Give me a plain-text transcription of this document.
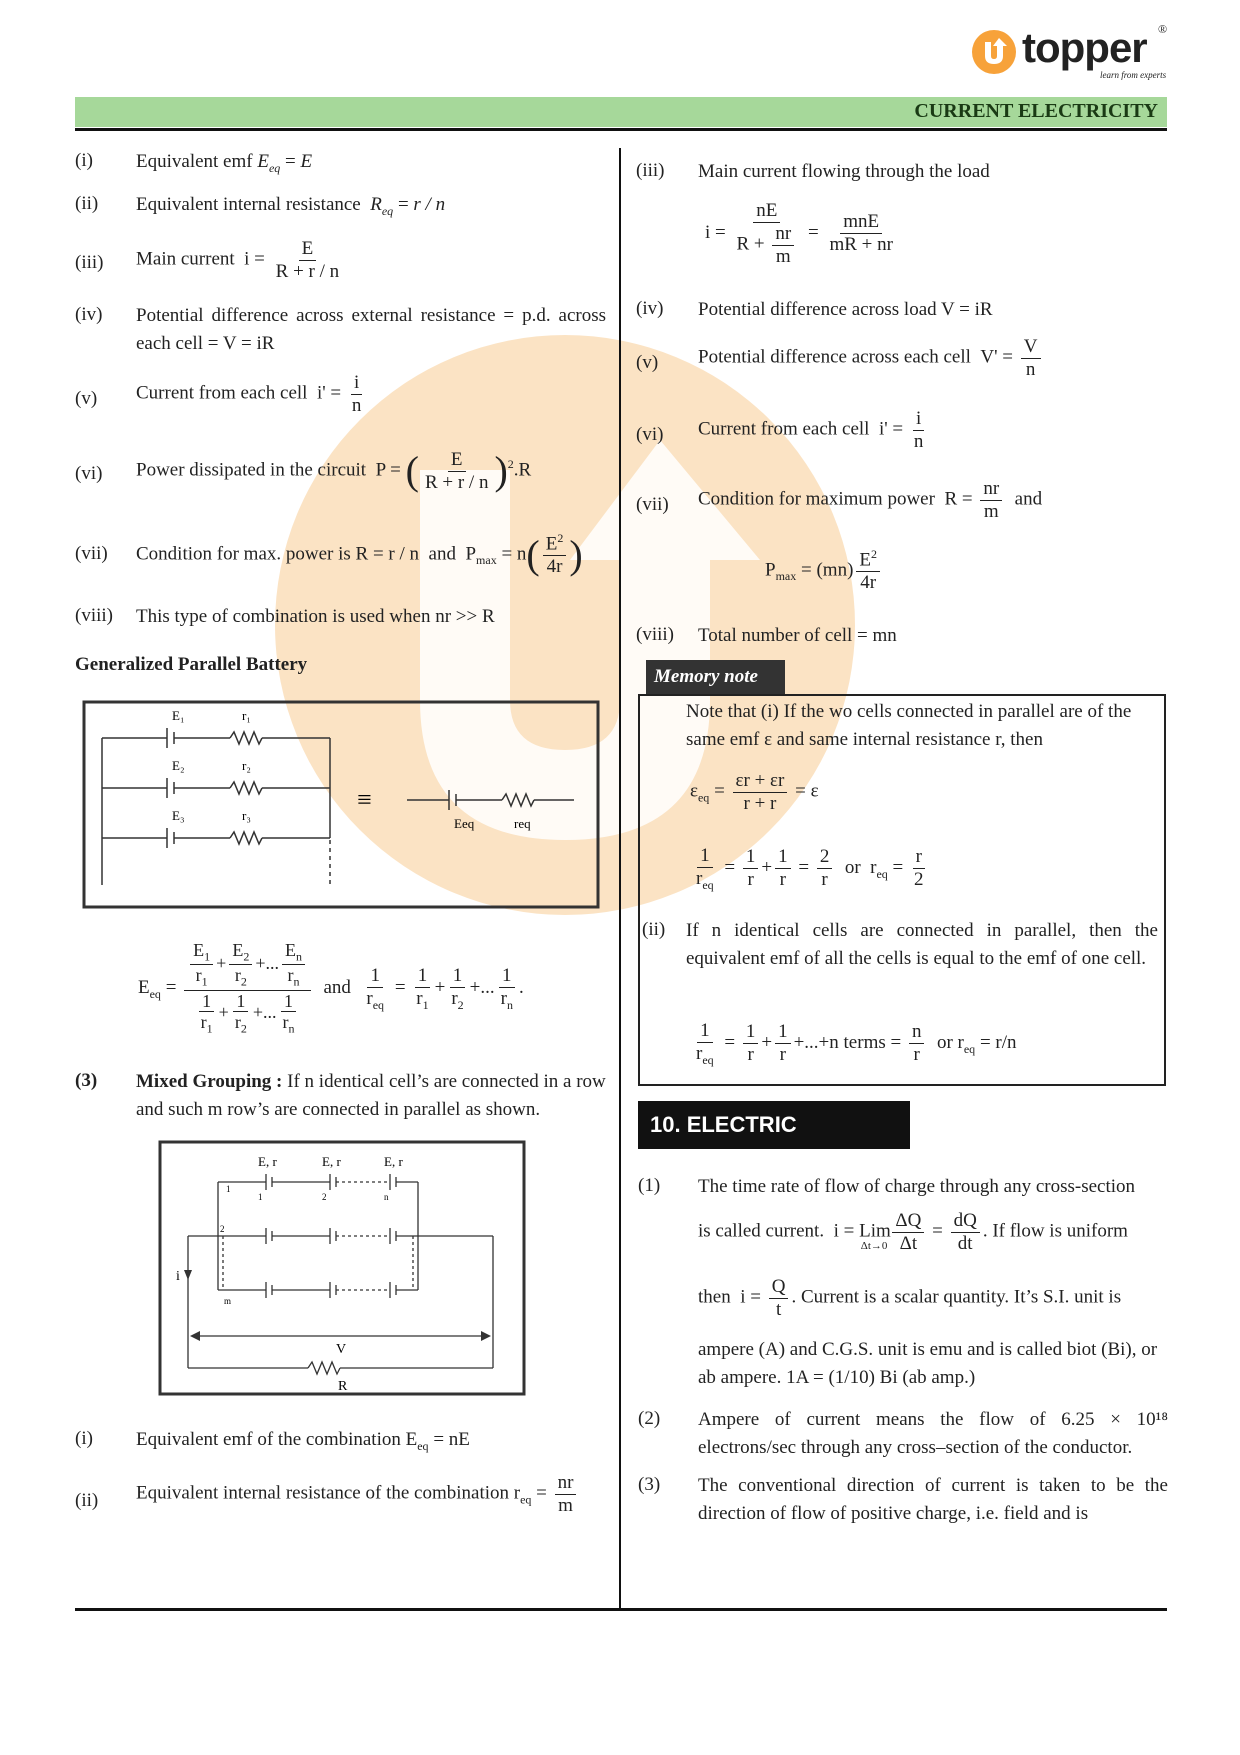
topper ®
learn from experts
CURRENT ELECTRICITY
(i) Equivalent emf $E_{eq} = E$
(ii) Equivalent internal resistance $R_{eq} = r / n$
(iii) Main current  $i = \frac{E}{R + r / n}$
(iv) Potential difference across external resistance = p.d. across each cell = V = iR
(v) Current from each cell  $i' = \frac{i}{n}$
(vi) Power dissipated in the circuit  P = ( $\frac{E}{R + r / n} )^2.R$
(vii) Condition for max. power is R = r / n  and  $P_{max} = n( \frac{E^2}{4r}$ )
(viii) This type of combination is used when nr >> R
Generalized Parallel Battery
E₁	r₁
E₂	r₂
E₃	r₃
≡
Eeq	req
$E_{eq} = \frac{\frac{E_1}{r_1} + \frac{E_2}{r_2} +... \frac{E_n}{r_n}}{\frac{1}{r_1} + \frac{1}{r_2} +... \frac{1}{r_n}}$ and $\frac{1}{r_{eq}} = \frac{1}{r_1} + \frac{1}{r_2}$ +... $\frac{1}{r_n}$ .
(3) Mixed Grouping : If n identical cell’s are connected in a row and such m row’s are connected in parallel as shown.
E, r	E, r	E, r
1	2	n
1
2
m
i
V
R
(i) Equivalent emf of the combination $E_{eq}$ = nE
(ii) Equivalent internal resistance of the combination $r_{eq} = \frac{nr}{m}$
(iii) Main current flowing through the load
$i = \frac{nE}{R + \frac{nr}{m}} = \frac{\text{mnE}}{mR + nr}$
(iv) Potential difference across load V = iR
(v) Potential difference across each cell  $V' = \frac{V}{n}$
(vi) Current from each cell  $i' = \frac{i}{n}$
(vii) Condition for maximum power  $R = \frac{nr}{m}$ and
$P_{max} = (mn) \frac{E^2}{4r}$
(viii) Total number of cell = mn
Memory note
Note that (i) If the wo cells connected in parallel are of the same emf ε and same internal resistance r, then
$\varepsilon_{eq} = \frac{\varepsilon r + \varepsilon r}{r + r} = \varepsilon$
$\frac{1}{r_{eq}} = \frac{1}{r} + \frac{1}{r} = \frac{2}{r}$ or  $r_{eq} = \frac{r}{2}$
(ii) If n identical cells are connected in parallel, then the equivalent emf of all the cells is equal to the emf of one cell.
$\frac{1}{r_{eq}} = \frac{1}{r} + \frac{1}{r} +...+n$ terms = $\frac{n}{r}$ or $r_{eq} = r/n$
10. ELECTRIC CURRENT
(1) The time rate of flow of charge through any cross-section
is called current.  $i = Lim_{\Delta t\to 0} \frac{\Delta Q}{\Delta t} = \frac{dQ}{dt}$ . If flow is uniform
then  $i = \frac{Q}{t}$ . Current is a scalar quantity. It’s S.I. unit is
ampere (A) and C.G.S. unit is emu and is called biot (Bi), or ab ampere. 1A = (1/10) Bi (ab amp.)
(2) Ampere of current means the flow of 6.25 × 10¹⁸ electrons/sec through any cross–section of the conductor.
(3) The conventional direction of current is taken to be the direction of flow of positive charge, i.e. field and is
